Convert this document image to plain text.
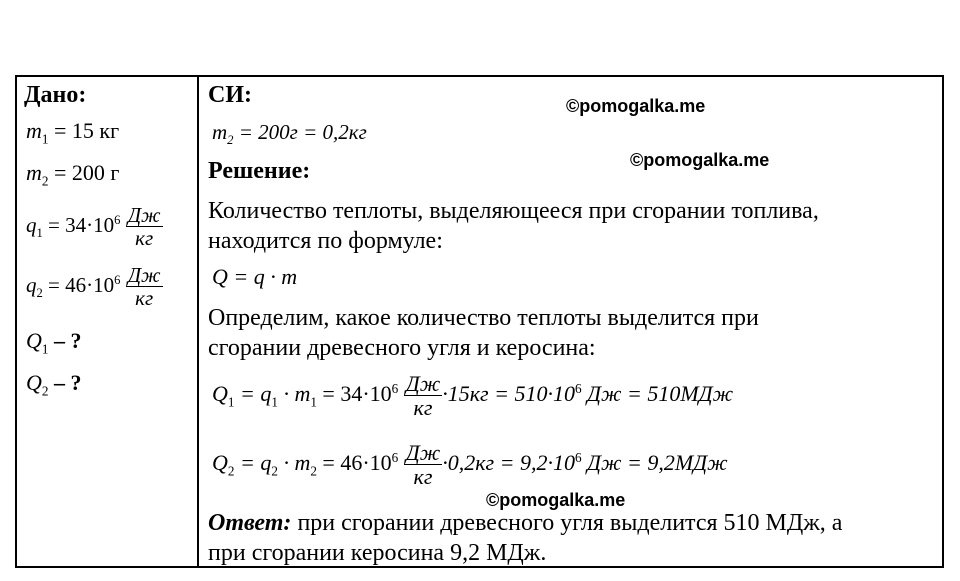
Дано:
$m_1 = 15$ кг
$m_2 = 200$ г
$q_1 = 34\cdot 10^6 \frac{Дж}{кг}$
$q_2 = 46\cdot 10^6 \frac{Дж}{кг}$
$Q_1$ – ?
$Q_2$ – ?
СИ:
$m_2 = 200г = 0,2кг$
Решение:
Количество теплоты, выделяющееся при сгорании топлива,
находится по формуле:
Q = q · m
Определим, какое количество теплоты выделится при
сгорании древесного угля и керосина:
$Q_1 = q_1 \cdot m_1 = 34\cdot 10^6 \frac{Дж}{кг} \cdot 15кг = 510\cdot 10^6$ Дж = 510МДж
$Q_2 = q_2 \cdot m_2 = 46\cdot 10^6 \frac{Дж}{кг} \cdot 0,2кг = 9,2\cdot 10^6$ Дж = 9,2МДж
Ответ: при сгорании древесного угля выделится 510 МДж, а
при сгорании керосина 9,2 МДж.
©pomogalka.me
©pomogalka.me
©pomogalka.me
